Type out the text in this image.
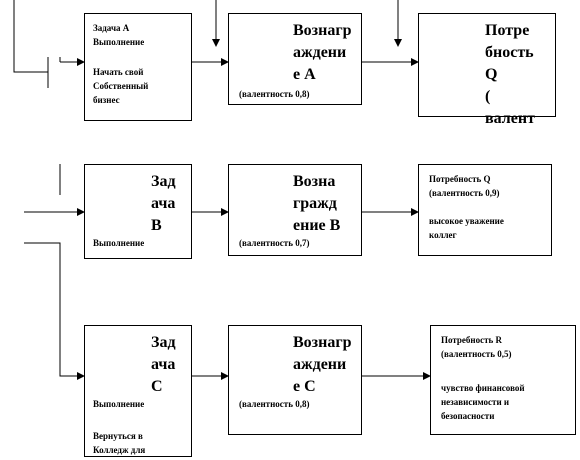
Задача А
Выполнение
Начать свой
Собственный
бизнес
Вознагр
аждени
е А
(валентность 0,8)
Потре
бность
Q
(
валент
Зад
ача
В
Выполнение
Возна
гражд
ение В
(валентность 0,7)
Потребность Q
(валентность 0,9)
высокое уважение
коллег
Зад
ача
С
Выполнение
Вернуться в
Колледж для
Вознагр
аждени
е С
(валентность 0,8)
Потребность R
(валентность 0,5)
чувство финансовой
независимости и
безопасности
